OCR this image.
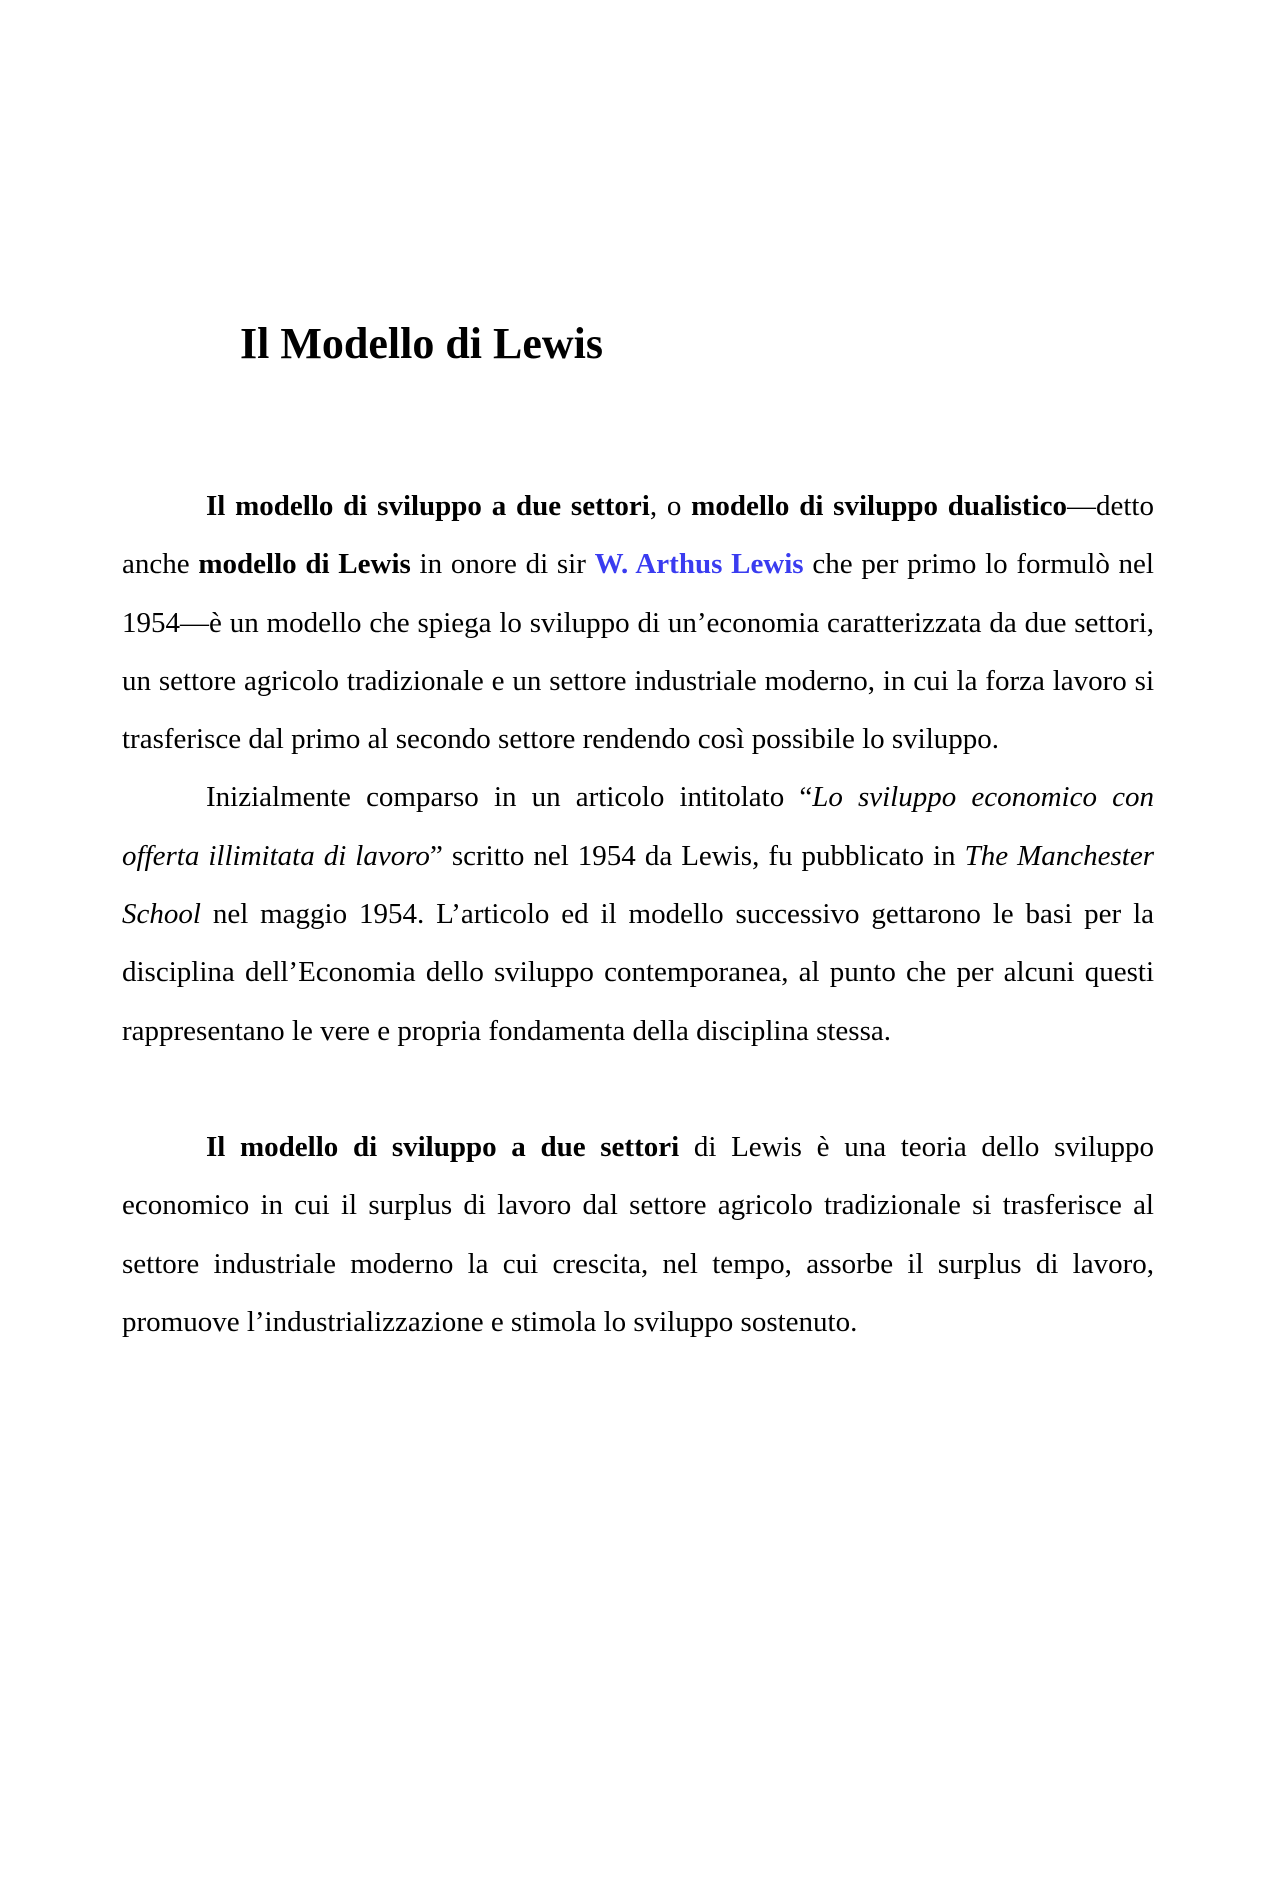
Il Modello di Lewis

Il modello di sviluppo a due settori, o modello di sviluppo dualistico—detto anche modello di Lewis in onore di sir W. Arthus Lewis che per primo lo formulò nel 1954—è un modello che spiega lo sviluppo di un’economia caratterizzata da due settori, un settore agricolo tradizionale e un settore industriale moderno, in cui la forza lavoro si trasferisce dal primo al secondo settore rendendo così possibile lo sviluppo.

Inizialmente comparso in un articolo intitolato “Lo sviluppo economico con offerta illimitata di lavoro” scritto nel 1954 da Lewis, fu pubblicato in The Manchester School nel maggio 1954. L’articolo ed il modello successivo gettarono le basi per la disciplina dell’Economia dello sviluppo contemporanea, al punto che per alcuni questi rappresentano le vere e propria fondamenta della disciplina stessa.

Il modello di sviluppo a due settori di Lewis è una teoria dello sviluppo economico in cui il surplus di lavoro dal settore agricolo tradizionale si trasferisce al settore industriale moderno la cui crescita, nel tempo, assorbe il surplus di lavoro, promuove l’industrializzazione e stimola lo sviluppo sostenuto.
